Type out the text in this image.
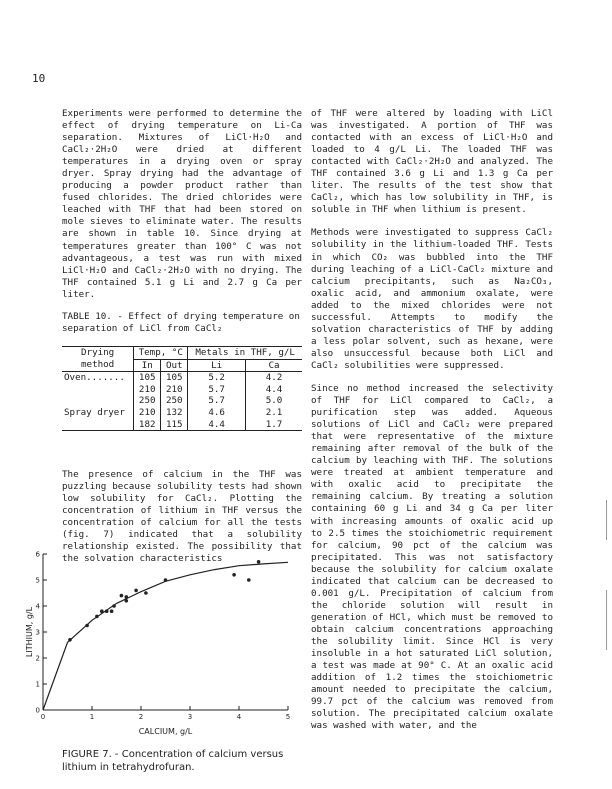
10

Experiments were performed to determine the effect of drying temperature on Li-Ca separation. Mixtures of LiCl·H₂O and CaCl₂·2H₂O were dried at different temperatures in a drying oven or spray dryer. Spray drying had the advantage of producing a powder product rather than fused chlorides. The dried chlorides were leached with THF that had been stored on mole sieves to eliminate water. The results are shown in table 10. Since drying at temperatures greater than 100° C was not advantageous, a test was run with mixed LiCl·H₂O and CaCl₂·2H₂O with no drying. The THF contained 5.1 g Li and 2.7 g Ca per liter.

TABLE 10. - Effect of drying temperature on separation of LiCl from CaCl₂
Drying	Temp, °C		Metals in THF, g/L	
method	In	Out	Li	Ca
Oven.......	105	105	5.2	4.2
	210	210	5.7	4.4
	250	250	5.7	5.0
Spray dryer	210	132	4.6	2.1
	182	115	4.4	1.7
The presence of calcium in the THF was puzzling because solubility tests had shown low solubility for CaCl₂. Plotting the concentration of lithium in THF versus the concentration of calcium for all the tests (fig. 7) indicated that a solubility relationship existed. The possibility that the solvation characteristics
0	1	2	3	4	5
0
1
2
3
4
5
6
CALCIUM, g/L
LITHIUM, g/L
FIGURE 7. - Concentration of calcium versus lithium in tetrahydrofuran.

of THF were altered by loading with LiCl was investigated. A portion of THF was contacted with an excess of LiCl·H₂O and loaded to 4 g/L Li. The loaded THF was contacted with CaCl₂·2H₂O and analyzed. The THF contained 3.6 g Li and 1.3 g Ca per liter. The results of the test show that CaCl₂, which has low solubility in THF, is soluble in THF when lithium is present.

Methods were investigated to suppress CaCl₂ solubility in the lithium-loaded THF. Tests in which CO₂ was bubbled into the THF during leaching of a LiCl-CaCl₂ mixture and calcium precipitants, such as Na₂CO₃, oxalic acid, and ammonium oxalate, were added to the mixed chlorides were not successful. Attempts to modify the solvation characteristics of THF by adding a less polar solvent, such as hexane, were also unsuccessful because both LiCl and CaCl₂ solubilities were suppressed.

Since no method increased the selectivity of THF for LiCl compared to CaCl₂, a purification step was added. Aqueous solutions of LiCl and CaCl₂ were prepared that were representative of the mixture remaining after removal of the bulk of the calcium by leaching with THF. The solutions were treated at ambient temperature and with oxalic acid to precipitate the remaining calcium. By treating a solution containing 60 g Li and 34 g Ca per liter with increasing amounts of oxalic acid up to 2.5 times the stoichiometric requirement for calcium, 90 pct of the calcium was precipitated. This was not satisfactory because the solubility for calcium oxalate indicated that calcium can be decreased to 0.001 g/L. Precipitation of calcium from the chloride solution will result in generation of HCl, which must be removed to obtain calcium concentrations approaching the solubility limit. Since HCl is very insoluble in a hot saturated LiCl solution, a test was made at 90° C. At an oxalic acid addition of 1.2 times the stoichiometric amount needed to precipitate the calcium, 99.7 pct of the calcium was removed from solution. The precipitated calcium oxalate was washed with water, and the
